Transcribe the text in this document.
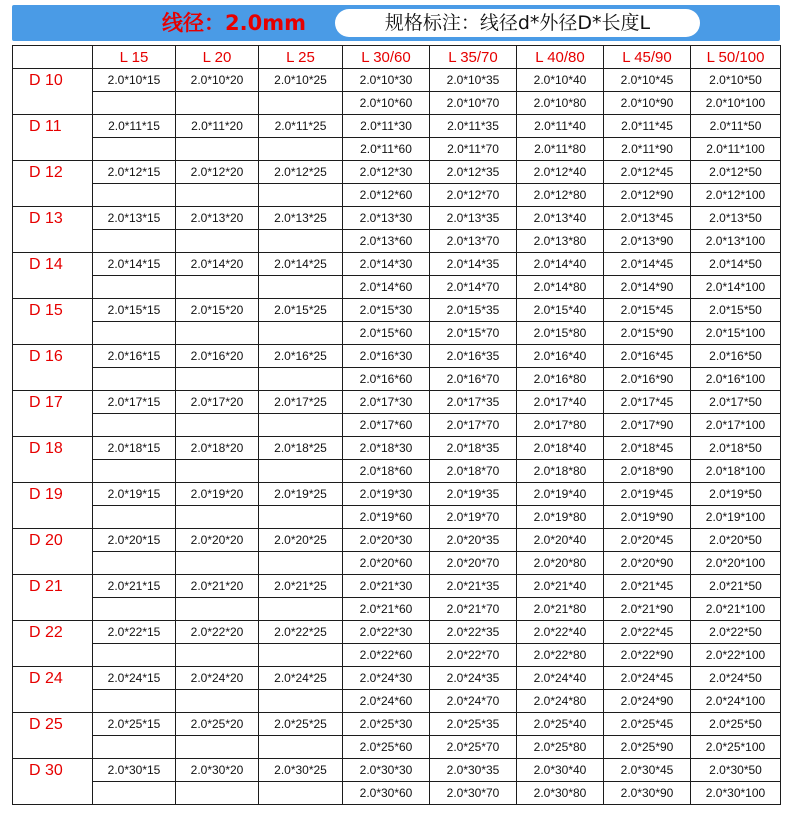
线径：2.0mm	规格标注：线径d*外径D*长度L
	L 15	L 20	L 25	L 30/60	L 35/70	L 40/80	L 45/90	L 50/100
D 10	2.0*10*15	2.0*10*20	2.0*10*25	2.0*10*30	2.0*10*35	2.0*10*40	2.0*10*45	2.0*10*50
				2.0*10*60	2.0*10*70	2.0*10*80	2.0*10*90	2.0*10*100
D 11	2.0*11*15	2.0*11*20	2.0*11*25	2.0*11*30	2.0*11*35	2.0*11*40	2.0*11*45	2.0*11*50
				2.0*11*60	2.0*11*70	2.0*11*80	2.0*11*90	2.0*11*100
D 12	2.0*12*15	2.0*12*20	2.0*12*25	2.0*12*30	2.0*12*35	2.0*12*40	2.0*12*45	2.0*12*50
				2.0*12*60	2.0*12*70	2.0*12*80	2.0*12*90	2.0*12*100
D 13	2.0*13*15	2.0*13*20	2.0*13*25	2.0*13*30	2.0*13*35	2.0*13*40	2.0*13*45	2.0*13*50
				2.0*13*60	2.0*13*70	2.0*13*80	2.0*13*90	2.0*13*100
D 14	2.0*14*15	2.0*14*20	2.0*14*25	2.0*14*30	2.0*14*35	2.0*14*40	2.0*14*45	2.0*14*50
				2.0*14*60	2.0*14*70	2.0*14*80	2.0*14*90	2.0*14*100
D 15	2.0*15*15	2.0*15*20	2.0*15*25	2.0*15*30	2.0*15*35	2.0*15*40	2.0*15*45	2.0*15*50
				2.0*15*60	2.0*15*70	2.0*15*80	2.0*15*90	2.0*15*100
D 16	2.0*16*15	2.0*16*20	2.0*16*25	2.0*16*30	2.0*16*35	2.0*16*40	2.0*16*45	2.0*16*50
				2.0*16*60	2.0*16*70	2.0*16*80	2.0*16*90	2.0*16*100
D 17	2.0*17*15	2.0*17*20	2.0*17*25	2.0*17*30	2.0*17*35	2.0*17*40	2.0*17*45	2.0*17*50
				2.0*17*60	2.0*17*70	2.0*17*80	2.0*17*90	2.0*17*100
D 18	2.0*18*15	2.0*18*20	2.0*18*25	2.0*18*30	2.0*18*35	2.0*18*40	2.0*18*45	2.0*18*50
				2.0*18*60	2.0*18*70	2.0*18*80	2.0*18*90	2.0*18*100
D 19	2.0*19*15	2.0*19*20	2.0*19*25	2.0*19*30	2.0*19*35	2.0*19*40	2.0*19*45	2.0*19*50
				2.0*19*60	2.0*19*70	2.0*19*80	2.0*19*90	2.0*19*100
D 20	2.0*20*15	2.0*20*20	2.0*20*25	2.0*20*30	2.0*20*35	2.0*20*40	2.0*20*45	2.0*20*50
				2.0*20*60	2.0*20*70	2.0*20*80	2.0*20*90	2.0*20*100
D 21	2.0*21*15	2.0*21*20	2.0*21*25	2.0*21*30	2.0*21*35	2.0*21*40	2.0*21*45	2.0*21*50
				2.0*21*60	2.0*21*70	2.0*21*80	2.0*21*90	2.0*21*100
D 22	2.0*22*15	2.0*22*20	2.0*22*25	2.0*22*30	2.0*22*35	2.0*22*40	2.0*22*45	2.0*22*50
				2.0*22*60	2.0*22*70	2.0*22*80	2.0*22*90	2.0*22*100
D 24	2.0*24*15	2.0*24*20	2.0*24*25	2.0*24*30	2.0*24*35	2.0*24*40	2.0*24*45	2.0*24*50
				2.0*24*60	2.0*24*70	2.0*24*80	2.0*24*90	2.0*24*100
D 25	2.0*25*15	2.0*25*20	2.0*25*25	2.0*25*30	2.0*25*35	2.0*25*40	2.0*25*45	2.0*25*50
				2.0*25*60	2.0*25*70	2.0*25*80	2.0*25*90	2.0*25*100
D 30	2.0*30*15	2.0*30*20	2.0*30*25	2.0*30*30	2.0*30*35	2.0*30*40	2.0*30*45	2.0*30*50
				2.0*30*60	2.0*30*70	2.0*30*80	2.0*30*90	2.0*30*100
